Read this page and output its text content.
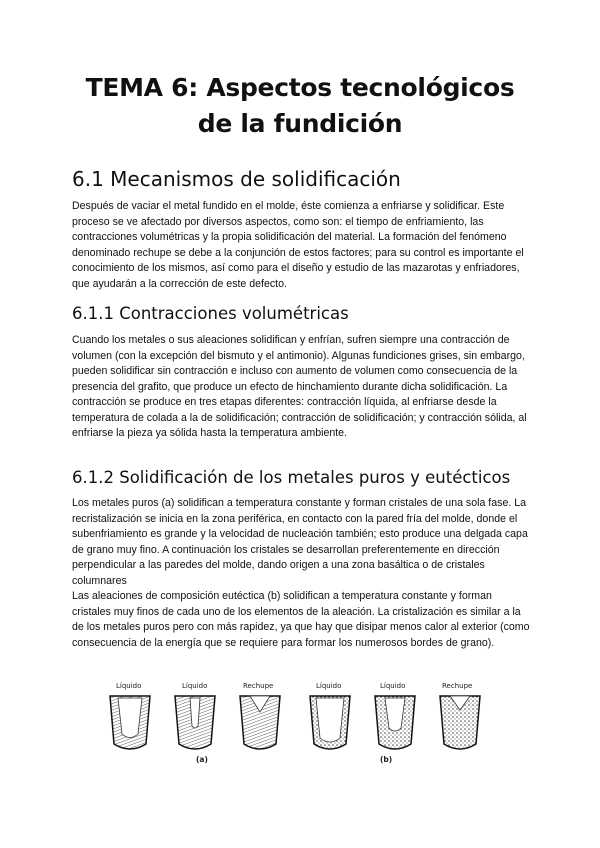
TEMA 6: Aspectos tecnológicos
de la fundición
6.1 Mecanismos de solidificación

Después de vaciar el metal fundido en el molde, éste comienza a enfriarse y solidificar. Este proceso se ve afectado por diversos aspectos, como son: el tiempo de enfriamiento, las contracciones volumétricas y la propia solidificación del material. La formación del fenómeno denominado rechupe se debe a la conjunción de estos factores; para su control es importante el conocimiento de los mismos, así como para el diseño y estudio de las mazarotas y enfriadores, que ayudarán a la corrección de este defecto.

6.1.1 Contracciones volumétricas

Cuando los metales o sus aleaciones solidifican y enfrían, sufren siempre una contracción de volumen (con la excepción del bismuto y el antimonio). Algunas fundiciones grises, sin embargo, pueden solidificar sin contracción e incluso con aumento de volumen como consecuencia de la presencia del grafito, que produce un efecto de hinchamiento durante dicha solidificación. La contracción se produce en tres etapas diferentes: contracción líquida, al enfriarse desde la temperatura de colada a la de solidificación; contracción de solidificación; y contracción sólida, al enfriarse la pieza ya sólida hasta la temperatura ambiente.

6.1.2 Solidificación de los metales puros y eutécticos

Los metales puros (a) solidifican a temperatura constante y forman cristales de una sola fase. La recristalización se inicia en la zona periférica, en contacto con la pared fría del molde, donde el subenfriamiento es grande y la velocidad de nucleación también; esto produce una delgada capa de grano muy fino. A continuación los cristales se desarrollan preferentemente en dirección perpendicular a las paredes del molde, dando origen a una zona basáltica o de cristales columnares

Las aleaciones de composición eutéctica (b) solidifican a temperatura constante y forman cristales muy finos de cada uno de los elementos de la aleación. La cristalización es similar a la de los metales puros pero con más rapidez, ya que hay que disipar menos calor al exterior (como consecuencia de la energía que se requiere para formar los numerosos bordes de grano).

Líquido	Líquido	Rechupe	Líquido	Líquido	Rechupe
(a)	(b)
